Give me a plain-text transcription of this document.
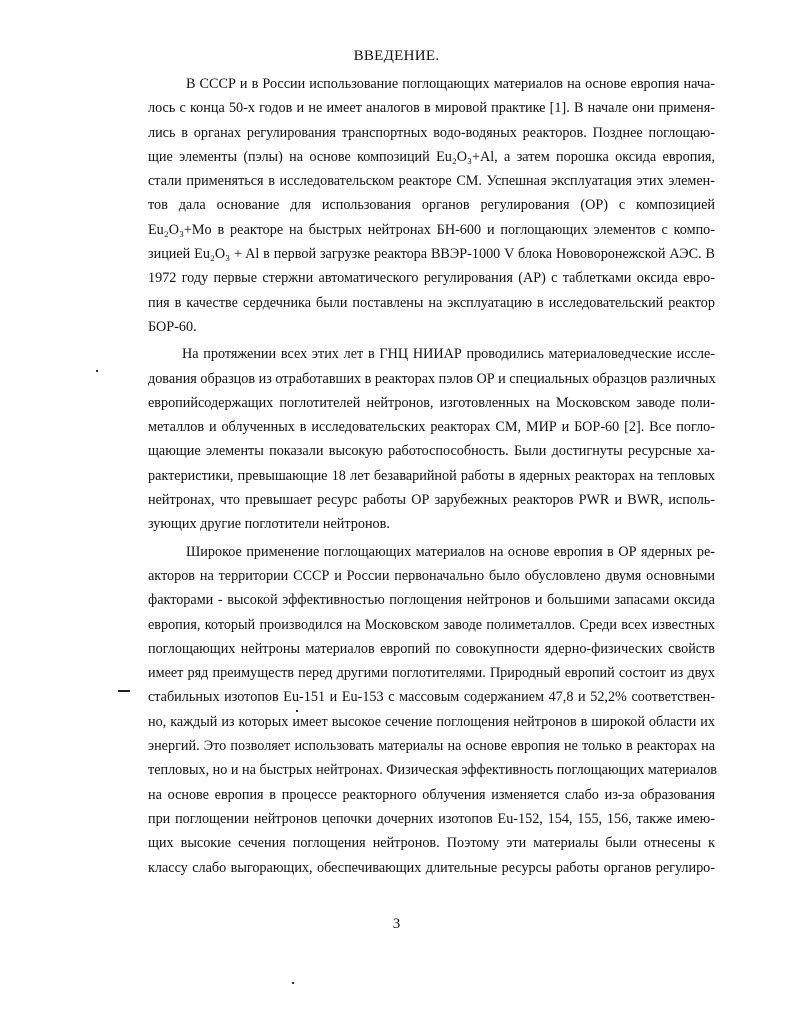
ВВЕДЕНИЕ.
В СССР и в России использование поглощающих материалов на основе европия нача-
лось с конца 50-х годов и не имеет аналогов в мировой практике [1]. В начале они применя-
лись в органах регулирования транспортных водо-водяных реакторов. Позднее поглощаю-
щие элементы (пэлы) на основе композиций Eu₂O₃+Al, а затем порошка оксида европия,
стали применяться в исследовательском реакторе СМ. Успешная эксплуатация этих элемен-
тов дала основание для использования органов регулирования (ОР) с композицией
Eu₂O₃+Mo в реакторе на быстрых нейтронах БН-600 и поглощающих элементов с компо-
зицией Eu₂O₃ + Al в первой загрузке реактора ВВЭР-1000 V блока Нововоронежской АЭС. В
1972 году первые стержни автоматического регулирования (АР) с таблетками оксида евро-
пия в качестве сердечника были поставлены на эксплуатацию в исследовательский реактор
БОР-60.
На протяжении всех этих лет в ГНЦ НИИАР проводились материаловедческие иссле-
дования образцов из отработавших в реакторах пэлов ОР и специальных образцов различных
европийсодержащих поглотителей нейтронов, изготовленных на Московском заводе поли-
металлов и облученных в исследовательских реакторах СМ, МИР и БОР-60 [2]. Все погло-
щающие элементы показали высокую работоспособность. Были достигнуты ресурсные ха-
рактеристики, превышающие 18 лет безаварийной работы в ядерных реакторах на тепловых
нейтронах, что превышает ресурс работы ОР зарубежных реакторов PWR и BWR, исполь-
зующих другие поглотители нейтронов.
Широкое применение поглощающих материалов на основе европия в ОР ядерных ре-
акторов на территории СССР и России первоначально было обусловлено двумя основными
факторами - высокой эффективностью поглощения нейтронов и большими запасами оксида
европия, который производился на Московском заводе полиметаллов. Среди всех известных
поглощающих нейтроны материалов европий по совокупности ядерно-физических свойств
имеет ряд преимуществ перед другими поглотителями. Природный европий состоит из двух
стабильных изотопов Eu-151 и Eu-153 с массовым содержанием 47,8 и 52,2% соответствен-
но, каждый из которых имеет высокое сечение поглощения нейтронов в широкой области их
энергий. Это позволяет использовать материалы на основе европия не только в реакторах на
тепловых, но и на быстрых нейтронах. Физическая эффективность поглощающих материалов
на основе европия в процессе реакторного облучения изменяется слабо из-за образования
при поглощении нейтронов цепочки дочерних изотопов Eu-152, 154, 155, 156, также имею-
щих высокие сечения поглощения нейтронов. Поэтому эти материалы были отнесены к
классу слабо выгорающих, обеспечивающих длительные ресурсы работы органов регулиро-
3
